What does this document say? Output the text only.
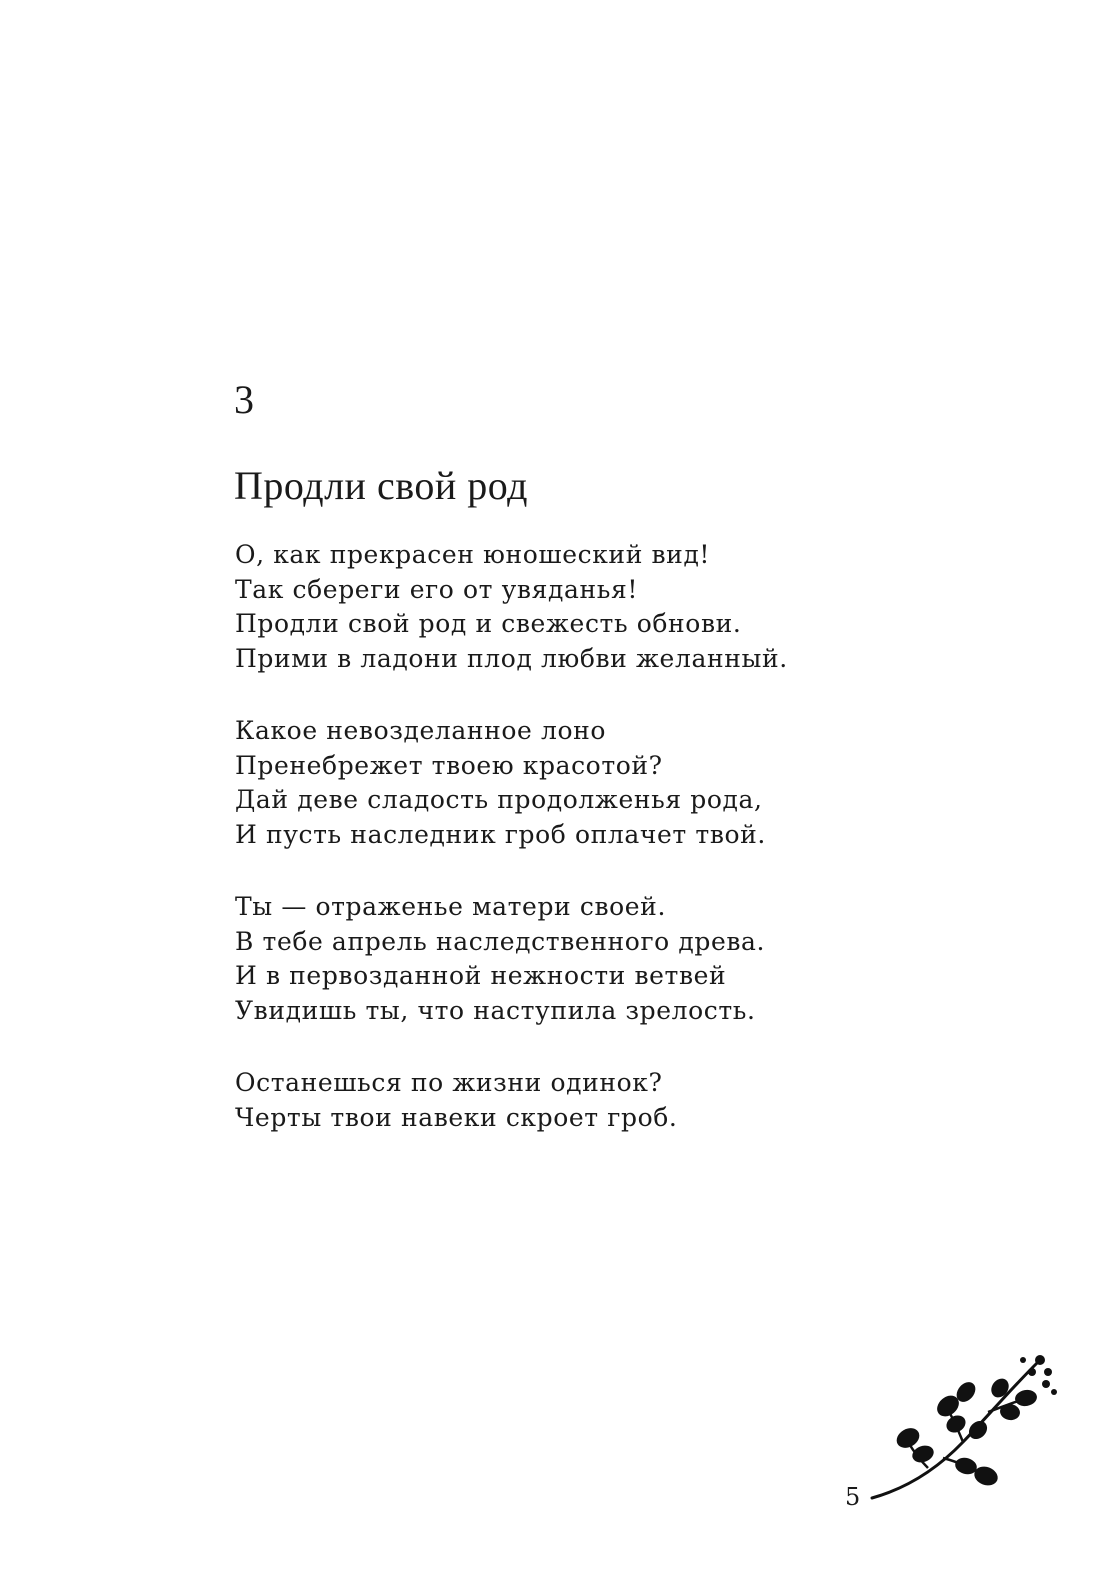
3
Продли свой род
О, как прекрасен юношеский вид!
Так сбереги его от увяданья!
Продли свой род и свежесть обнови.
Прими в ладони плод любви желанный.
Какое невозделанное лоно
Пренебрежет твоею красотой?
Дай деве сладость продолженья рода,
И пусть наследник гроб оплачет твой.
Ты — отраженье матери своей.
В тебе апрель наследственного древа.
И в первозданной нежности ветвей
Увидишь ты, что наступила зрелость.
Останешься по жизни одинок?
Черты твои навеки скроет гроб.
5
